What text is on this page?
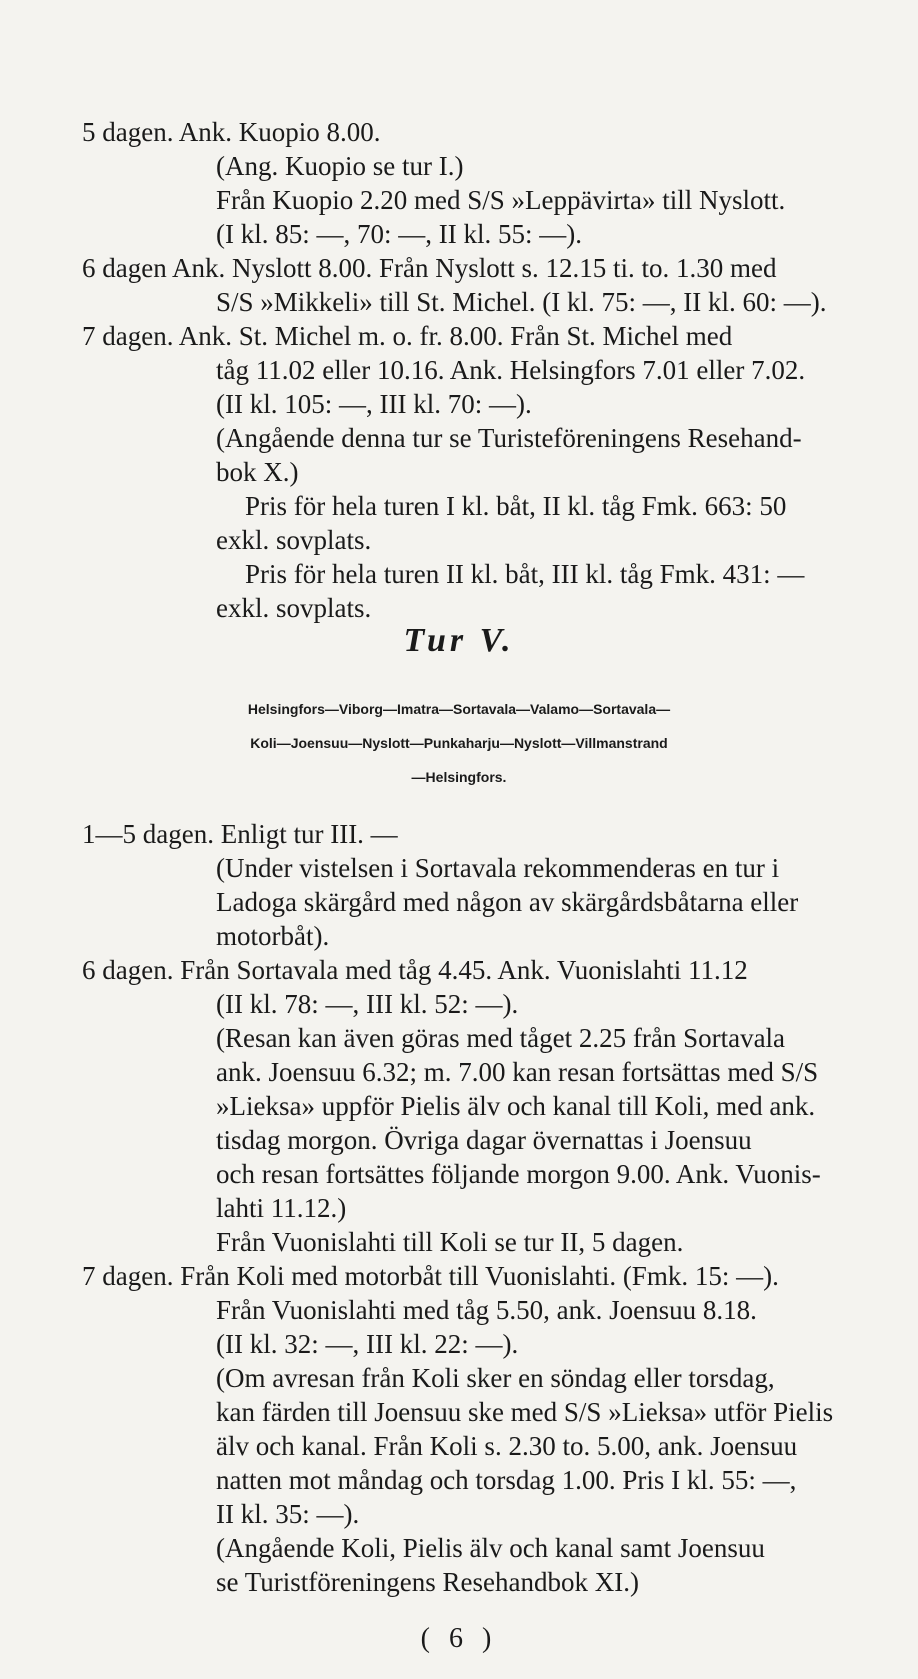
5 dagen. Ank. Kuopio 8.00.
(Ang. Kuopio se tur I.)
Från Kuopio 2.20 med S/S »Leppävirta» till Nyslott.
(I kl. 85: —, 70: —, II kl. 55: —).
6 dagen Ank. Nyslott 8.00. Från Nyslott s. 12.15 ti. to. 1.30 med
S/S »Mikkeli» till St. Michel. (I kl. 75: —, II kl. 60: —).
7 dagen. Ank. St. Michel m. o. fr. 8.00. Från St. Michel med
tåg 11.02 eller 10.16. Ank. Helsingfors 7.01 eller 7.02.
(II kl. 105: —, III kl. 70: —).
(Angående denna tur se Turisteföreningens Resehand-
bok X.)
Pris för hela turen I kl. båt, II kl. tåg Fmk. 663: 50
exkl. sovplats.
Pris för hela turen II kl. båt, III kl. tåg Fmk. 431: —
exkl. sovplats.
Tur V.
Helsingfors—Viborg—Imatra—Sortavala—Valamo—Sortavala—
Koli—Joensuu—Nyslott—Punkaharju—Nyslott—Villmanstrand
—Helsingfors.
1—5 dagen. Enligt tur III. —
(Under vistelsen i Sortavala rekommenderas en tur i
Ladoga skärgård med någon av skärgårdsbåtarna eller
motorbåt).
6 dagen. Från Sortavala med tåg 4.45. Ank. Vuonislahti 11.12
(II kl. 78: —, III kl. 52: —).
(Resan kan även göras med tåget 2.25 från Sortavala
ank. Joensuu 6.32; m. 7.00 kan resan fortsättas med S/S
»Lieksa» uppför Pielis älv och kanal till Koli, med ank.
tisdag morgon. Övriga dagar övernattas i Joensuu
och resan fortsättes följande morgon 9.00. Ank. Vuonis-
lahti 11.12.)
Från Vuonislahti till Koli se tur II, 5 dagen.
7 dagen. Från Koli med motorbåt till Vuonislahti. (Fmk. 15: —).
Från Vuonislahti med tåg 5.50, ank. Joensuu 8.18.
(II kl. 32: —, III kl. 22: —).
(Om avresan från Koli sker en söndag eller torsdag,
kan färden till Joensuu ske med S/S »Lieksa» utför Pielis
älv och kanal. Från Koli s. 2.30 to. 5.00, ank. Joensuu
natten mot måndag och torsdag 1.00. Pris I kl. 55: —,
II kl. 35: —).
(Angående Koli, Pielis älv och kanal samt Joensuu
se Turistföreningens Resehandbok XI.)
( 6 )
